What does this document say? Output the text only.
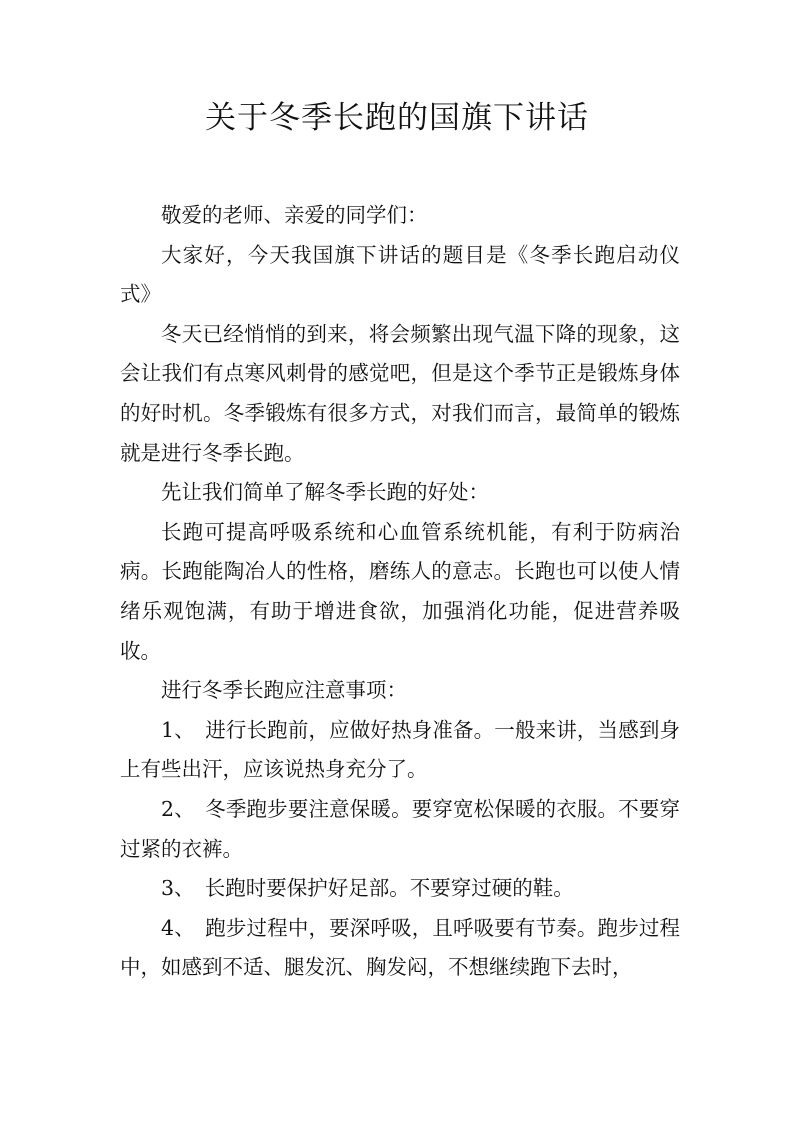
关于冬季长跑的国旗下讲话

敬爱的老师、亲爱的同学们：

大家好，今天我国旗下讲话的题目是《冬季长跑启动仪式》

冬天已经悄悄的到来，将会频繁出现气温下降的现象，这会让我们有点寒风刺骨的感觉吧，但是这个季节正是锻炼身体的好时机。冬季锻炼有很多方式，对我们而言，最简单的锻炼就是进行冬季长跑。

先让我们简单了解冬季长跑的好处：

长跑可提高呼吸系统和心血管系统机能，有利于防病治病。长跑能陶冶人的性格，磨练人的意志。长跑也可以使人情绪乐观饱满，有助于增进食欲，加强消化功能，促进营养吸收。

进行冬季长跑应注意事项：

1、　进行长跑前，应做好热身准备。一般来讲，当感到身上有些出汗，应该说热身充分了。

2、　冬季跑步要注意保暖。要穿宽松保暖的衣服。不要穿过紧的衣裤。

3、　长跑时要保护好足部。不要穿过硬的鞋。

4、　跑步过程中，要深呼吸，且呼吸要有节奏。跑步过程中，如感到不适、腿发沉、胸发闷，不想继续跑下去时，
